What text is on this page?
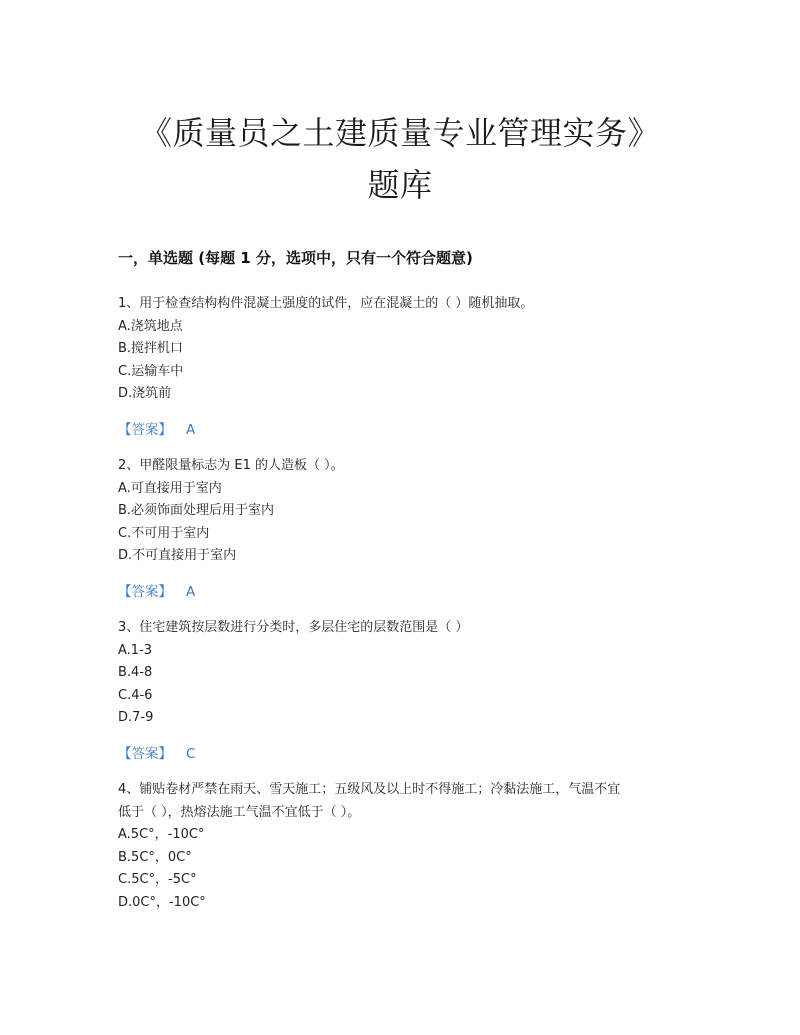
《质量员之土建质量专业管理实务》
题库
一，单选题 (每题 1 分，选项中，只有一个符合题意)
1、用于检查结构构件混凝土强度的试件，应在混凝土的（ ）随机抽取。
A.浇筑地点
B.搅拌机口
C.运输车中
D.浇筑前
【答案】 A
2、甲醛限量标志为 E1 的人造板（ ）。
A.可直接用于室内
B.必须饰面处理后用于室内
C.不可用于室内
D.不可直接用于室内
【答案】 A
3、住宅建筑按层数进行分类时，多层住宅的层数范围是（ ）
A.1-3
B.4-8
C.4-6
D.7-9
【答案】 C
4、铺贴卷材严禁在雨天、雪天施工；五级风及以上时不得施工；冷黏法施工，气温不宜
低于（ ），热熔法施工气温不宜低于（ ）。
A.5C°，-10C°
B.5C°，0C°
C.5C°，-5C°
D.0C°，-10C°
